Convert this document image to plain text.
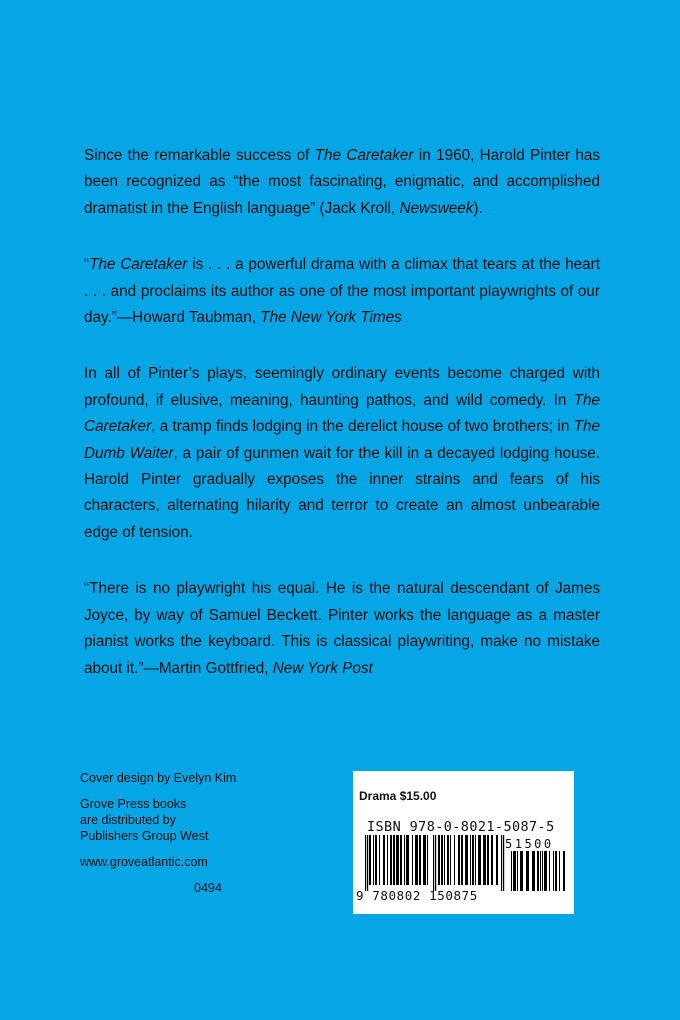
Since the remarkable success of The Caretaker in 1960, Harold Pinter has been recognized as “the most fascinating, enigmatic, and accomplished dramatist in the English language” (Jack Kroll, Newsweek).

“The Caretaker is . . . a powerful drama with a climax that tears at the heart . . . and proclaims its author as one of the most important playwrights of our day.”—Howard Taubman, The New York Times

In all of Pinter’s plays, seemingly ordinary events become charged with profound, if elusive, meaning, haunting pathos, and wild comedy. In The Caretaker, a tramp finds lodging in the derelict house of two brothers; in The Dumb Waiter, a pair of gunmen wait for the kill in a decayed lodging house. Harold Pinter gradually exposes the inner strains and fears of his characters, alternating hilarity and terror to create an almost unbearable edge of tension.

“There is no playwright his equal. He is the natural descendant of James Joyce, by way of Samuel Beckett. Pinter works the language as a master pianist works the keyboard. This is classical playwriting, make no mistake about it.”—Martin Gottfried, New York Post

Cover design by Evelyn Kim
Grove Press books
are distributed by
Publishers Group West
www.groveatlantic.com
0494
Drama $15.00
ISBN 978-0-8021-5087-5
51500
9 780802 150875
